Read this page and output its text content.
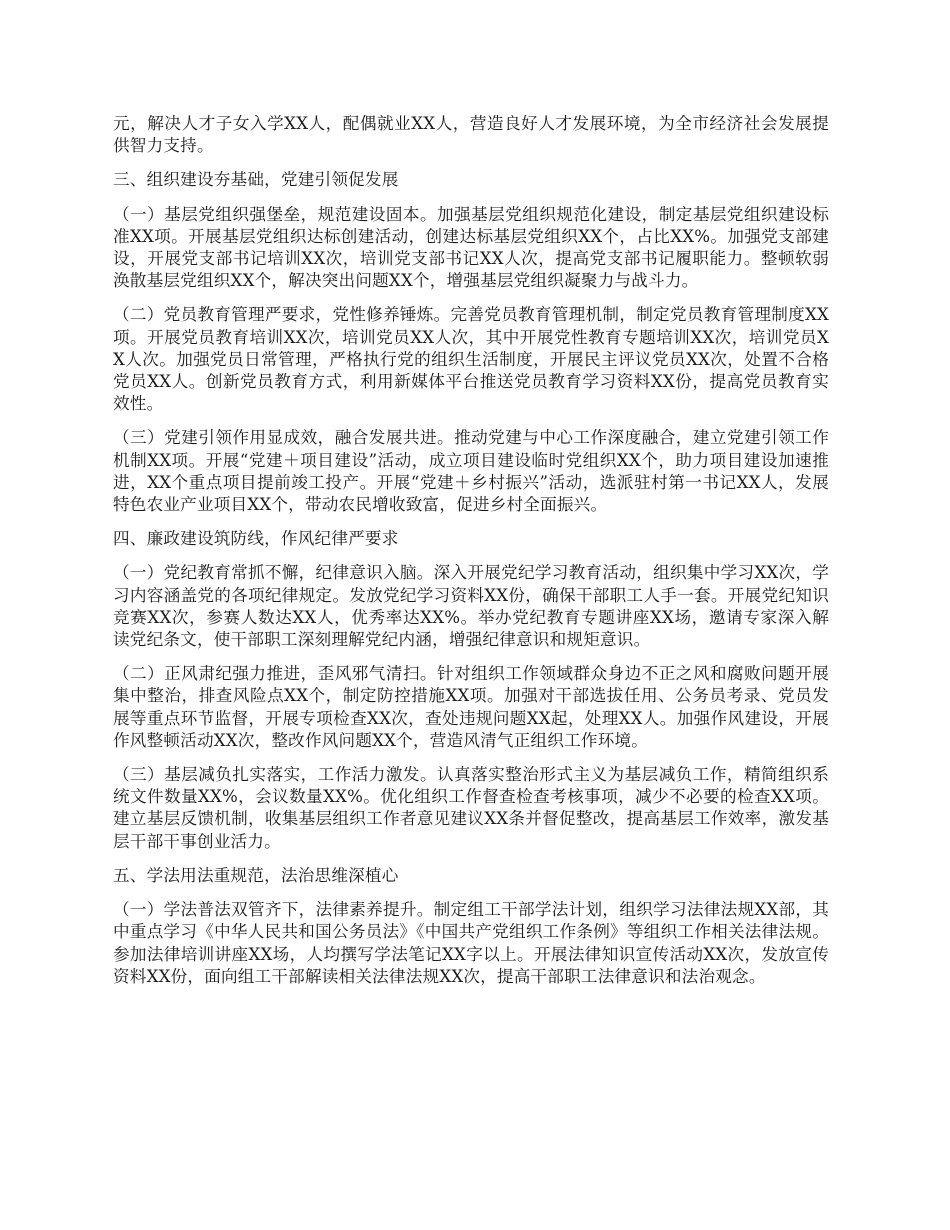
元，解决人才子女入学XX人，配偶就业XX人，营造良好人才发展环境，为全市经济社会发展提供智力支持。

三、组织建设夯基础，党建引领促发展

（一）基层党组织强堡垒，规范建设固本。加强基层党组织规范化建设，制定基层党组织建设标准XX项。开展基层党组织达标创建活动，创建达标基层党组织XX个，占比XX%。加强党支部建设，开展党支部书记培训XX次，培训党支部书记XX人次，提高党支部书记履职能力。整顿软弱涣散基层党组织XX个，解决突出问题XX个，增强基层党组织凝聚力与战斗力。

（二）党员教育管理严要求，党性修养锤炼。完善党员教育管理机制，制定党员教育管理制度XX项。开展党员教育培训XX次，培训党员XX人次，其中开展党性教育专题培训XX次，培训党员XX人次。加强党员日常管理，严格执行党的组织生活制度，开展民主评议党员XX次，处置不合格党员XX人。创新党员教育方式，利用新媒体平台推送党员教育学习资料XX份，提高党员教育实效性。

（三）党建引领作用显成效，融合发展共进。推动党建与中心工作深度融合，建立党建引领工作机制XX项。开展“党建＋项目建设”活动，成立项目建设临时党组织XX个，助力项目建设加速推进，XX个重点项目提前竣工投产。开展“党建＋乡村振兴”活动，选派驻村第一书记XX人，发展特色农业产业项目XX个，带动农民增收致富，促进乡村全面振兴。

四、廉政建设筑防线，作风纪律严要求

（一）党纪教育常抓不懈，纪律意识入脑。深入开展党纪学习教育活动，组织集中学习XX次，学习内容涵盖党的各项纪律规定。发放党纪学习资料XX份，确保干部职工人手一套。开展党纪知识竞赛XX次，参赛人数达XX人，优秀率达XX%。举办党纪教育专题讲座XX场，邀请专家深入解读党纪条文，使干部职工深刻理解党纪内涵，增强纪律意识和规矩意识。

（二）正风肃纪强力推进，歪风邪气清扫。针对组织工作领域群众身边不正之风和腐败问题开展集中整治，排查风险点XX个，制定防控措施XX项。加强对干部选拔任用、公务员考录、党员发展等重点环节监督，开展专项检查XX次，查处违规问题XX起，处理XX人。加强作风建设，开展作风整顿活动XX次，整改作风问题XX个，营造风清气正组织工作环境。

（三）基层减负扎实落实，工作活力激发。认真落实整治形式主义为基层减负工作，精简组织系统文件数量XX%，会议数量XX%。优化组织工作督查检查考核事项，减少不必要的检查XX项。建立基层反馈机制，收集基层组织工作者意见建议XX条并督促整改，提高基层工作效率，激发基层干部干事创业活力。

五、学法用法重规范，法治思维深植心

（一）学法普法双管齐下，法律素养提升。制定组工干部学法计划，组织学习法律法规XX部，其中重点学习《中华人民共和国公务员法》《中国共产党组织工作条例》等组织工作相关法律法规。参加法律培训讲座XX场，人均撰写学法笔记XX字以上。开展法律知识宣传活动XX次，发放宣传资料XX份，面向组工干部解读相关法律法规XX次，提高干部职工法律意识和法治观念。
